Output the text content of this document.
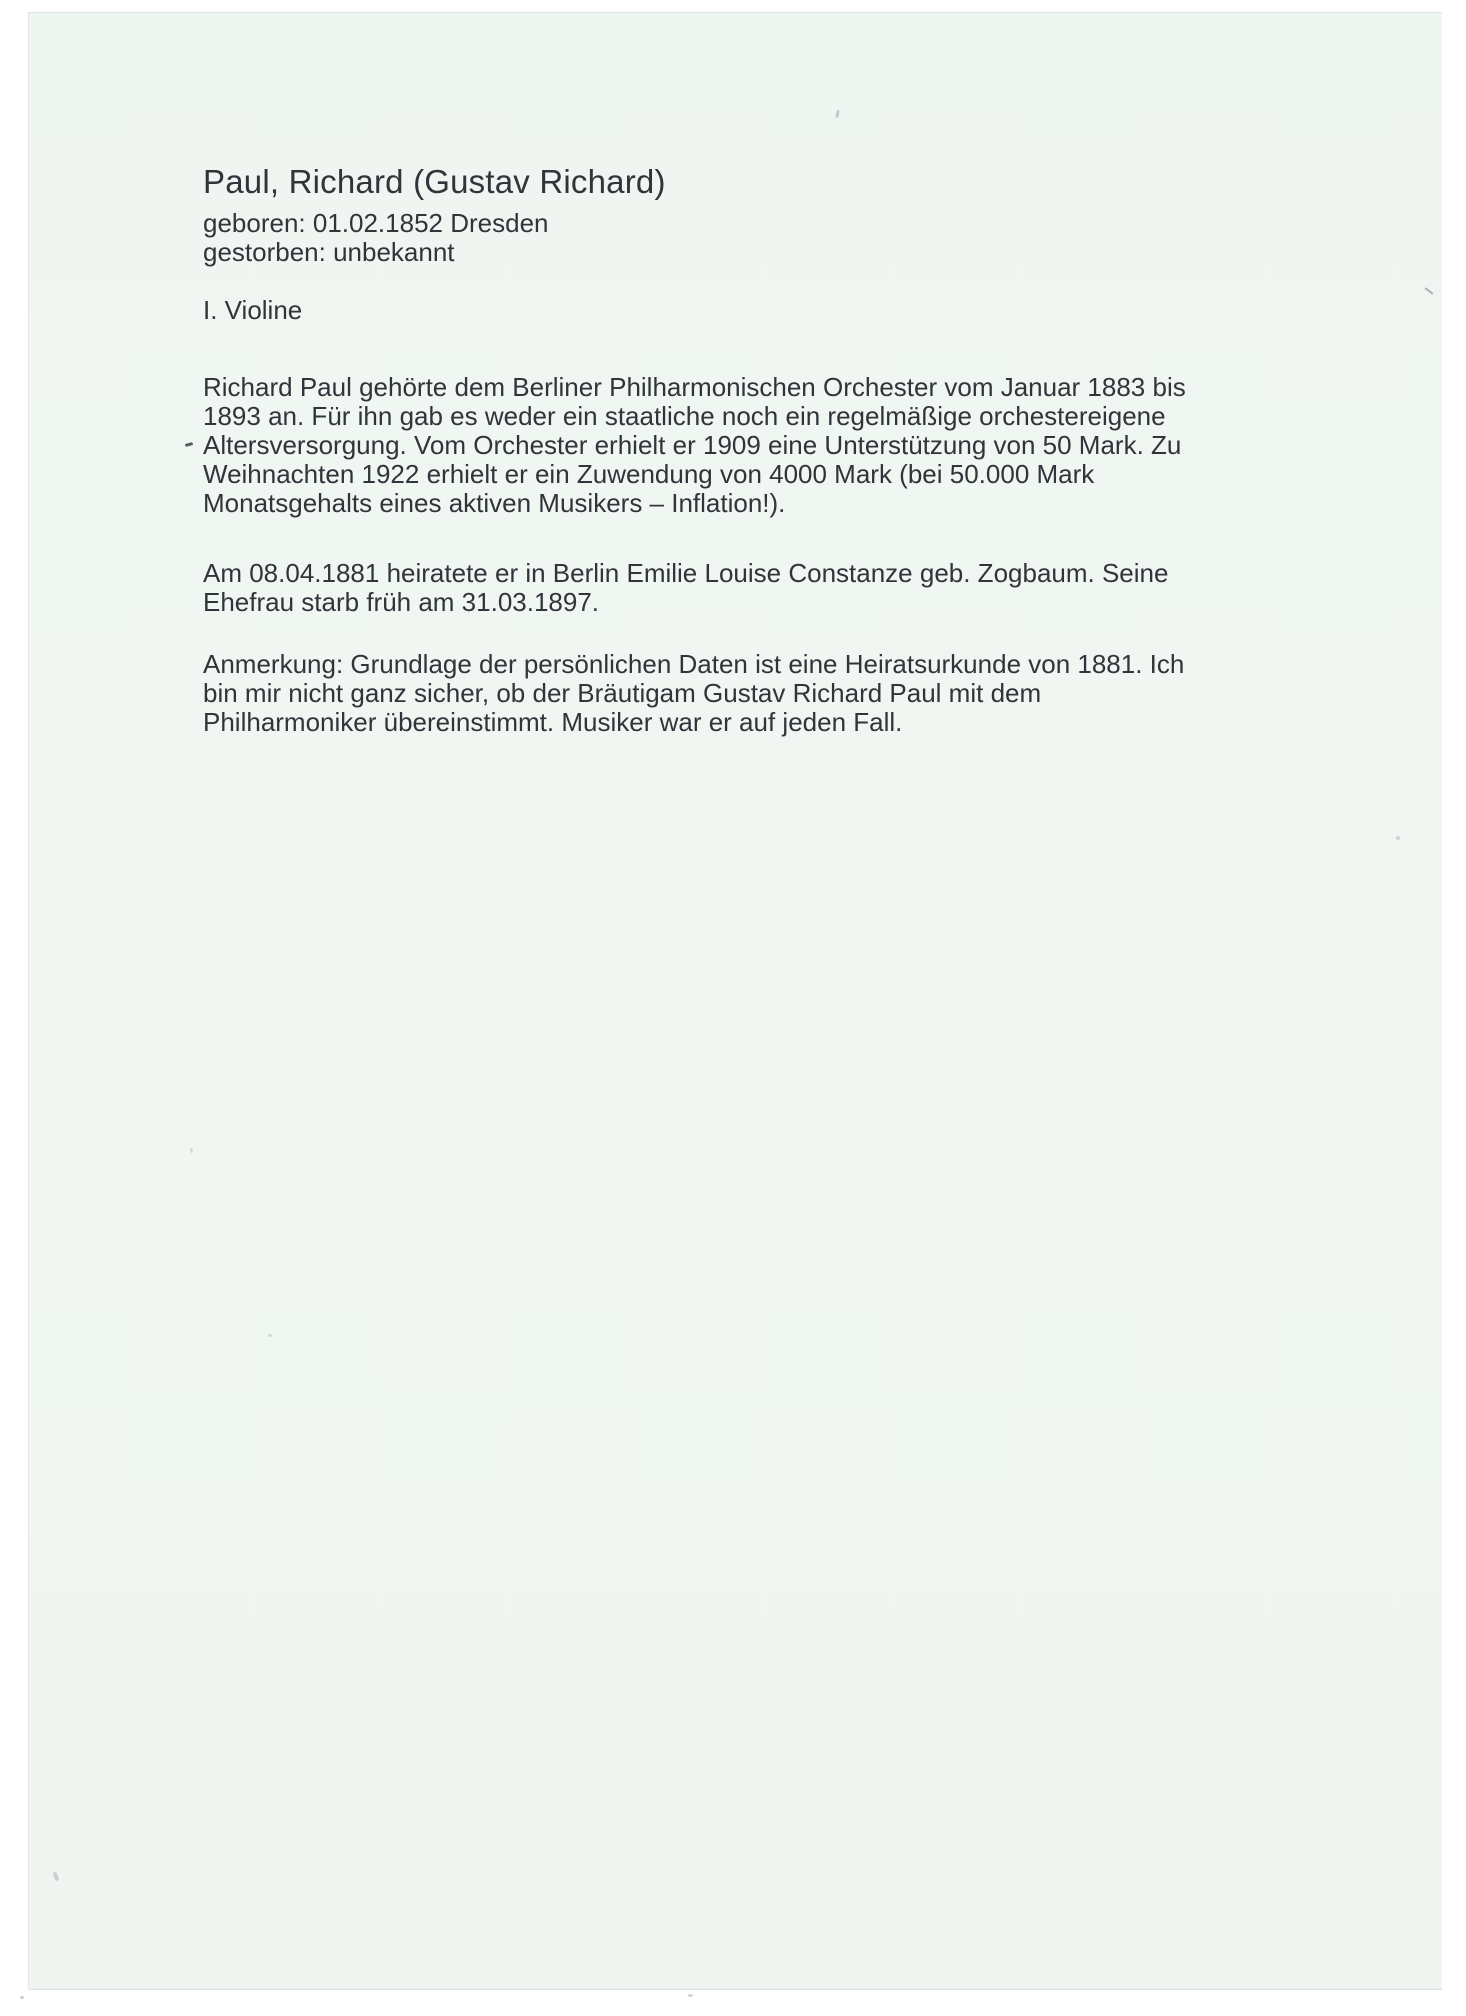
Paul, Richard (Gustav Richard)
geboren: 01.02.1852 Dresden
gestorben: unbekannt
I. Violine
Richard Paul gehörte dem Berliner Philharmonischen Orchester vom Januar 1883 bis
1893 an. Für ihn gab es weder ein staatliche noch ein regelmäßige orchestereigene
Altersversorgung. Vom Orchester erhielt er 1909 eine Unterstützung von 50 Mark. Zu
Weihnachten 1922 erhielt er ein Zuwendung von 4000 Mark (bei 50.000 Mark
Monatsgehalts eines aktiven Musikers – Inflation!).
Am 08.04.1881 heiratete er in Berlin Emilie Louise Constanze geb. Zogbaum. Seine
Ehefrau starb früh am 31.03.1897.
Anmerkung: Grundlage der persönlichen Daten ist eine Heiratsurkunde von 1881. Ich
bin mir nicht ganz sicher, ob der Bräutigam Gustav Richard Paul mit dem
Philharmoniker übereinstimmt. Musiker war er auf jeden Fall.
